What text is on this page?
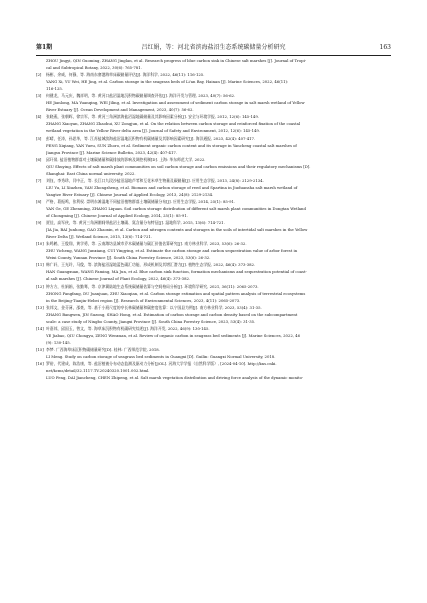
第1期	吕红娟，等：河北省滨海盐沼生态系统碳储量分析研究	163
ZHOU Jingyi, QIN Guoming, ZHANG Jinglan, et al. Research progress of blue carbon sink in Chinese salt marshes [J]. Journal of Tropi-
cal and Subtropical Botany, 2022, 30(6): 765-781.
[2] 杨彬，余威，何静，等. 海南东寨港海草床碳储量评估[J]. 海洋科学, 2022, 46(11): 116-125.
YANG Xi, YU Wei, HE Jing, et al. Carbon storage in the seagrass beds of Li'an Bay, Hainan [J]. Marine Sciences, 2022, 46(11):
116-125.
[3] 何健龙，马元庆，魏祥明，等. 黄河口盐沼湿地沉积物碳储量调查评估[J]. 海洋开发与管理, 2023, 40(7): 56-62.
HE Jianlong, MA Yuanqing, WEI Jiling, et al. Investigation and assessment of sediment carbon storage in salt marsh wetland of Yellow
River Estuary [J]. Ocean Development and Management, 2023, 40(7): 56-62.
[4] 张晓燕，张朝晖，徐宗军，等. 黄河三角洲滨海盐沼湿地碳储量及其影响因素分析[J]. 安全与环境学报, 2012, 12(6): 145-149.
ZHANG Xiaoyan, ZHANG Zhaohui, XU Zongjun, et al. On the relation between carbon storage and reinforced fixation of the coastal
wetland vegetation in the Yellow River delta area [J]. Journal of Safety and Environment, 2012, 12(6): 145-149.
[5] 彭晴，任涛，孙思华，等. 江苏盐城滨海盐沼湿地沉积物有机碳储量及其影响因素研究[J]. 海洋通报, 2023, 42(4): 407-417.
PENG Xiqiang, YAN Yueu, SUN Zhoro, et al. Sediment organic carbon content and its storage in Yancheng coastal salt marshes of
Jiangsu Province [J]. Marine Science Bulletin, 2023, 42(4): 407-417.
[6] 邱玕晟. 盐沼植物群落对土壤碳储量和碳排放的影响及调控机制[D]. 上海: 华东师范大学, 2022.
QIU Shuying. Effects of salt marsh plant communities on soil carbon storage and carbon emissions and their regulatory mechanisms [D].
Shanghai: East China normal university, 2022.
[7] 刘钰，李秀珍，闫中正，等. 长江口九段沙盐沼湿地芦苇和互花米草生物量及碳储量[J]. 应用生态学报, 2013, 24(8): 2129-2134.
LIU Yu, LI Xiuzhen, YAN Zhongzheng, et al. Biomass and carbon storage of reed and Spartina in Jiuduansha salt marsh wetland of
Yangtze River Estuary [J]. Chinese Journal of Applied Ecology, 2013, 24(8): 2129-2134.
[8] 严格，葛振鸣，张利权. 崇明东滩湿地不同盐沼植物群落土壤碳储量分布[J]. 应用生态学报, 2014, 25(1): 85-91.
YAN Ge, GE Zhenming, ZHANG Liquan. Soil carbon storage distribution of different salt marsh plant communities in Dongtan Wetland
of Chongming [J]. Chinese Journal of Applied Ecology, 2014, 25(1): 85-91.
[9] 贾佳，高军侠，等. 黄河三角洲潮间带盐沼土壤碳、氮含量分布特征[J]. 湿地科学, 2015, 13(6): 714-721.
JIA Jia, BAI Junhong, GAO Zhaoxin, et al. Carbon and nitrogen contents and storages in the soils of intertidal salt marshes in the Yellow
River Delta [J]. Wetland Science, 2015, 13(6): 714-721.
[10] 朱鸣鹤，王俊翔，黄学勇，等. 云南潍坊县城市乔木碳储量与碳汇价值估算研究[J]. 南方林业科学, 2023, 53(6): 26-32.
ZHU Yicheng, WANG Junxiang, CUI Yingying, et al. Estimate the carbon storage and carbon sequestration value of arbor forest in
Weixi County, Yunnan Province [J]. South China Forestry Science, 2023, 53(6): 26-32.
[11] 韩广轩，王光玲，马俊，等. 滨海盐沼湿地蓝色碳汇功能、形成机制及其增汇潜力[J]. 植物生态学报, 2022, 46(4): 373-382.
HAN Guangxuan, WANG Faming, MA Jun, et al. Blue carbon sink function, formation mechanisms and sequestration potential of coast-
al salt marshes [J]. Chinese Journal of Plant Ecology, 2022, 46(4): 373-382.
[12] 钟方方，杜娟娟，张勤骞，等. 京津冀陆地生态系统碳储量估算与空间格局分析[J]. 环境科学研究, 2021, 36(11): 2065-2073.
ZHONG Fangfang, DU Juanjuan, ZHU Xiaoqian, et al. Carbon storage estimation and spatial pattern analysis of terrestrial ecosystems
in the Beijing-Tianjin-Hebei region [J]. Research of Environmental Sciences, 2023, 4(11): 2065-2073.
[13] 张邦文，金芬薄，邵豪，等. 基于小班尺度的亭长林碳储量和碳密度估算：以宁国县为例[J]. 南方林业科学, 2023, 53(4): 31-35.
ZHANG Bangwen, JIN Suzong, SHAO Hong, et al. Estimation of carbon storage and carbon density based on the subcompartment
scale: a case study of Ningbo County, Jiangxi Province [J]. South China Forestry Science, 2023, 53(4): 31-35.
[14] 叶嘉邦，邱国玉，曾文，等. 海草床沉积物有机碳研究综述[J]. 海洋开发, 2022, 46(9): 130-145.
YE Jiabao, QIU Chongyu, ZENG Wenxuan, et al. Review of organic carbon in seagrass bed sediments [J]. Marine Sciences, 2022, 46
(9): 130-145.
[15] 李梦. 广西海草床沉积物碳储量研究[D]. 桂林: 广西师范学院, 2018.
LI Meng. Study on carbon storage of seagrass bed sediments in Guangxi [D]. Guilin: Guangxi Normal University, 2018.
[16] 罗裕，代建成，陈浩康，等. 盐沼植被分布动态监测及驱动力分析[J/OL]. 河海大学学报（自然科学版）, [2024-04-10]. http://kns.cnki.
net/kcms/detail/32.1117.TV.20240320.1001.002.html.
LUO Feng, DAI Jiancheng, CHEN Zhipeng, et al. Salt marsh vegetation distribution and driving force analysis of the dynamic monito-
